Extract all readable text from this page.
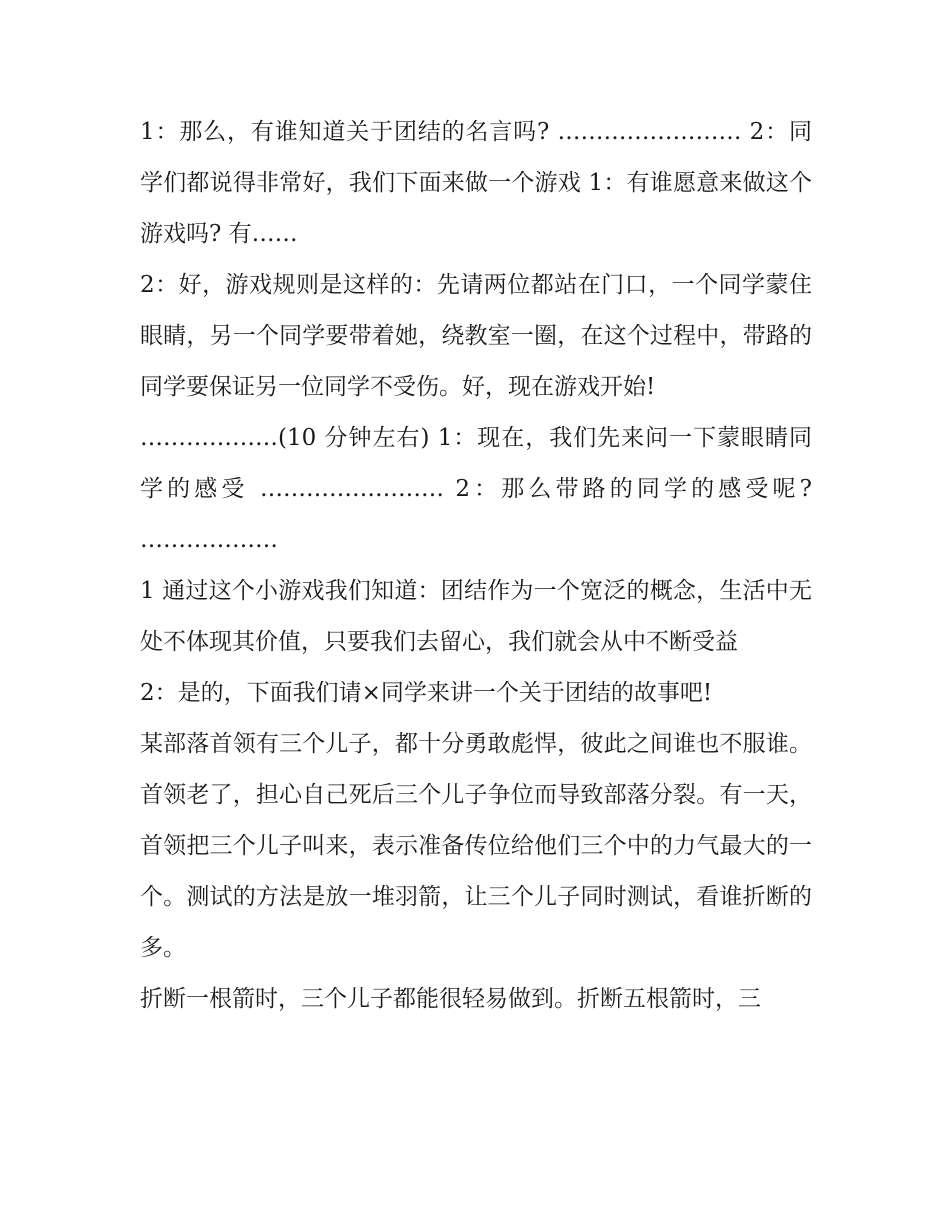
1：那么，有谁知道关于团结的名言吗? …………………… 2：同学们都说得非常好，我们下面来做一个游戏 1：有谁愿意来做这个游戏吗? 有……

2：好，游戏规则是这样的：先请两位都站在门口，一个同学蒙住眼睛，另一个同学要带着她，绕教室一圈，在这个过程中，带路的同学要保证另一位同学不受伤。好，现在游戏开始!

………………(10 分钟左右) 1：现在，我们先来问一下蒙眼睛同学的感受 …………………… 2：那么带路的同学的感受呢? ………………

1 通过这个小游戏我们知道：团结作为一个宽泛的概念，生活中无处不体现其价值，只要我们去留心，我们就会从中不断受益

2：是的，下面我们请×同学来讲一个关于团结的故事吧!

某部落首领有三个儿子，都十分勇敢彪悍，彼此之间谁也不服谁。首领老了，担心自己死后三个儿子争位而导致部落分裂。有一天，首领把三个儿子叫来，表示准备传位给他们三个中的力气最大的一个。测试的方法是放一堆羽箭，让三个儿子同时测试，看谁折断的多。

折断一根箭时，三个儿子都能很轻易做到。折断五根箭时，三
